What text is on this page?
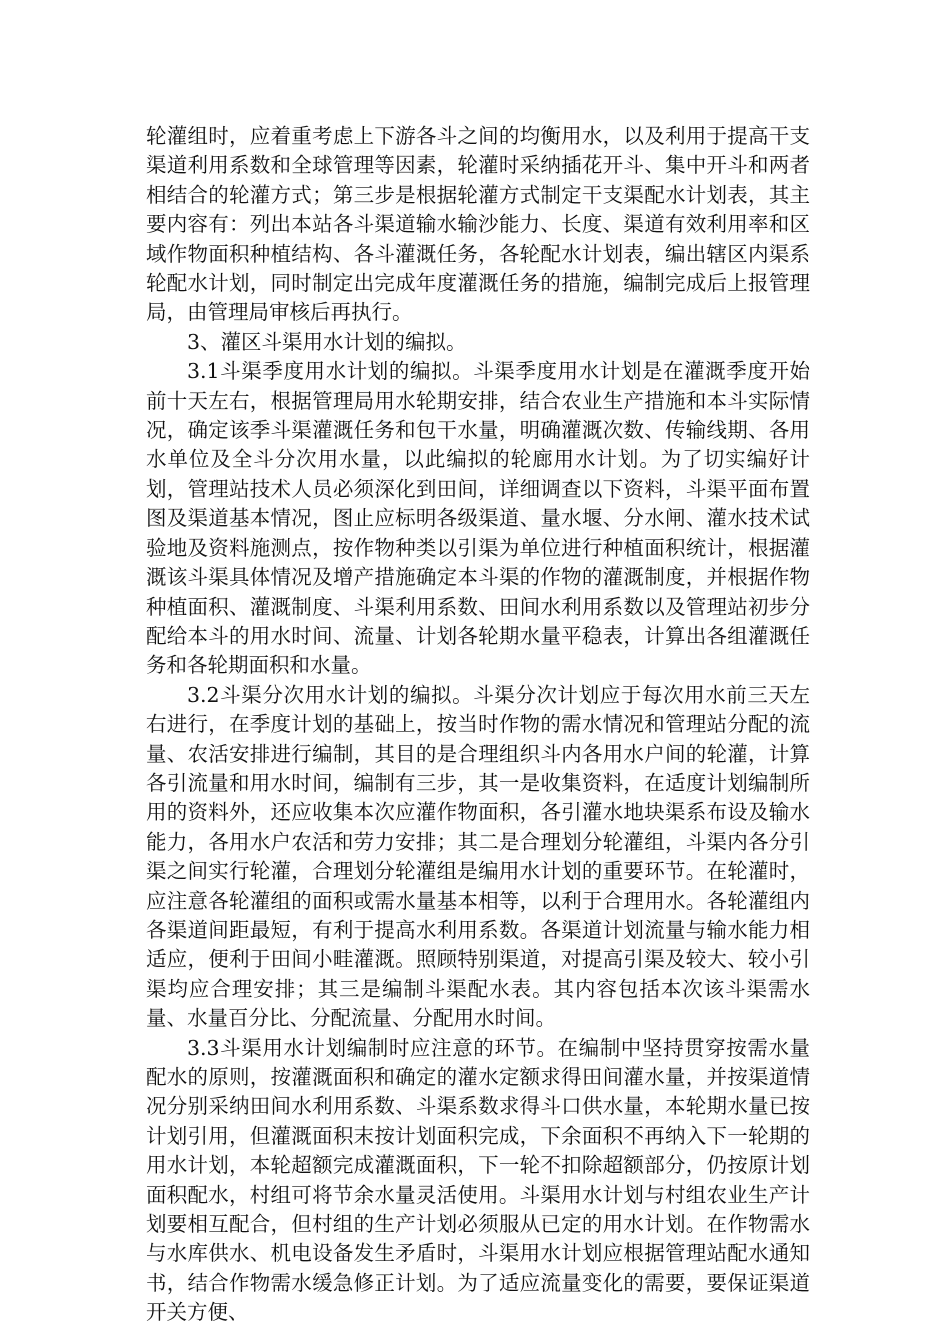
轮灌组时，应着重考虑上下游各斗之间的均衡用水，以及利用于提高干支渠道利用系数和全球管理等因素，轮灌时采纳插花开斗、集中开斗和两者相结合的轮灌方式；第三步是根据轮灌方式制定干支渠配水计划表，其主要内容有：列出本站各斗渠道输水输沙能力、长度、渠道有效利用率和区域作物面积种植结构、各斗灌溉任务，各轮配水计划表，编出辖区内渠系轮配水计划，同时制定出完成年度灌溉任务的措施，编制完成后上报管理局，由管理局审核后再执行。

3、灌区斗渠用水计划的编拟。

3.1斗渠季度用水计划的编拟。斗渠季度用水计划是在灌溉季度开始前十天左右，根据管理局用水轮期安排，结合农业生产措施和本斗实际情况，确定该季斗渠灌溉任务和包干水量，明确灌溉次数、传输线期、各用水单位及全斗分次用水量，以此编拟的轮廊用水计划。为了切实编好计划，管理站技术人员必须深化到田间，详细调查以下资料，斗渠平面布置图及渠道基本情况，图止应标明各级渠道、量水堰、分水闸、灌水技术试验地及资料施测点，按作物种类以引渠为单位进行种植面积统计，根据灌溉该斗渠具体情况及增产措施确定本斗渠的作物的灌溉制度，并根据作物种植面积、灌溉制度、斗渠利用系数、田间水利用系数以及管理站初步分配给本斗的用水时间、流量、计划各轮期水量平稳表，计算出各组灌溉任务和各轮期面积和水量。

3.2斗渠分次用水计划的编拟。斗渠分次计划应于每次用水前三天左右进行，在季度计划的基础上，按当时作物的需水情况和管理站分配的流量、农活安排进行编制，其目的是合理组织斗内各用水户间的轮灌，计算各引流量和用水时间，编制有三步，其一是收集资料，在适度计划编制所用的资料外，还应收集本次应灌作物面积，各引灌水地块渠系布设及输水能力，各用水户农活和劳力安排；其二是合理划分轮灌组，斗渠内各分引渠之间实行轮灌，合理划分轮灌组是编用水计划的重要环节。在轮灌时，应注意各轮灌组的面积或需水量基本相等，以利于合理用水。各轮灌组内各渠道间距最短，有利于提高水利用系数。各渠道计划流量与输水能力相适应，便利于田间小畦灌溉。照顾特别渠道，对提高引渠及较大、较小引渠均应合理安排；其三是编制斗渠配水表。其内容包括本次该斗渠需水量、水量百分比、分配流量、分配用水时间。

3.3斗渠用水计划编制时应注意的环节。在编制中坚持贯穿按需水量配水的原则，按灌溉面积和确定的灌水定额求得田间灌水量，并按渠道情况分别采纳田间水利用系数、斗渠系数求得斗口供水量，本轮期水量已按计划引用，但灌溉面积末按计划面积完成，下余面积不再纳入下一轮期的用水计划，本轮超额完成灌溉面积，下一轮不扣除超额部分，仍按原计划面积配水，村组可将节余水量灵活使用。斗渠用水计划与村组农业生产计划要相互配合，但村组的生产计划必须服从已定的用水计划。在作物需水与水库供水、机电设备发生矛盾时，斗渠用水计划应根据管理站配水通知书，结合作物需水缓急修正计划。为了适应流量变化的需要，要保证渠道开关方便、
